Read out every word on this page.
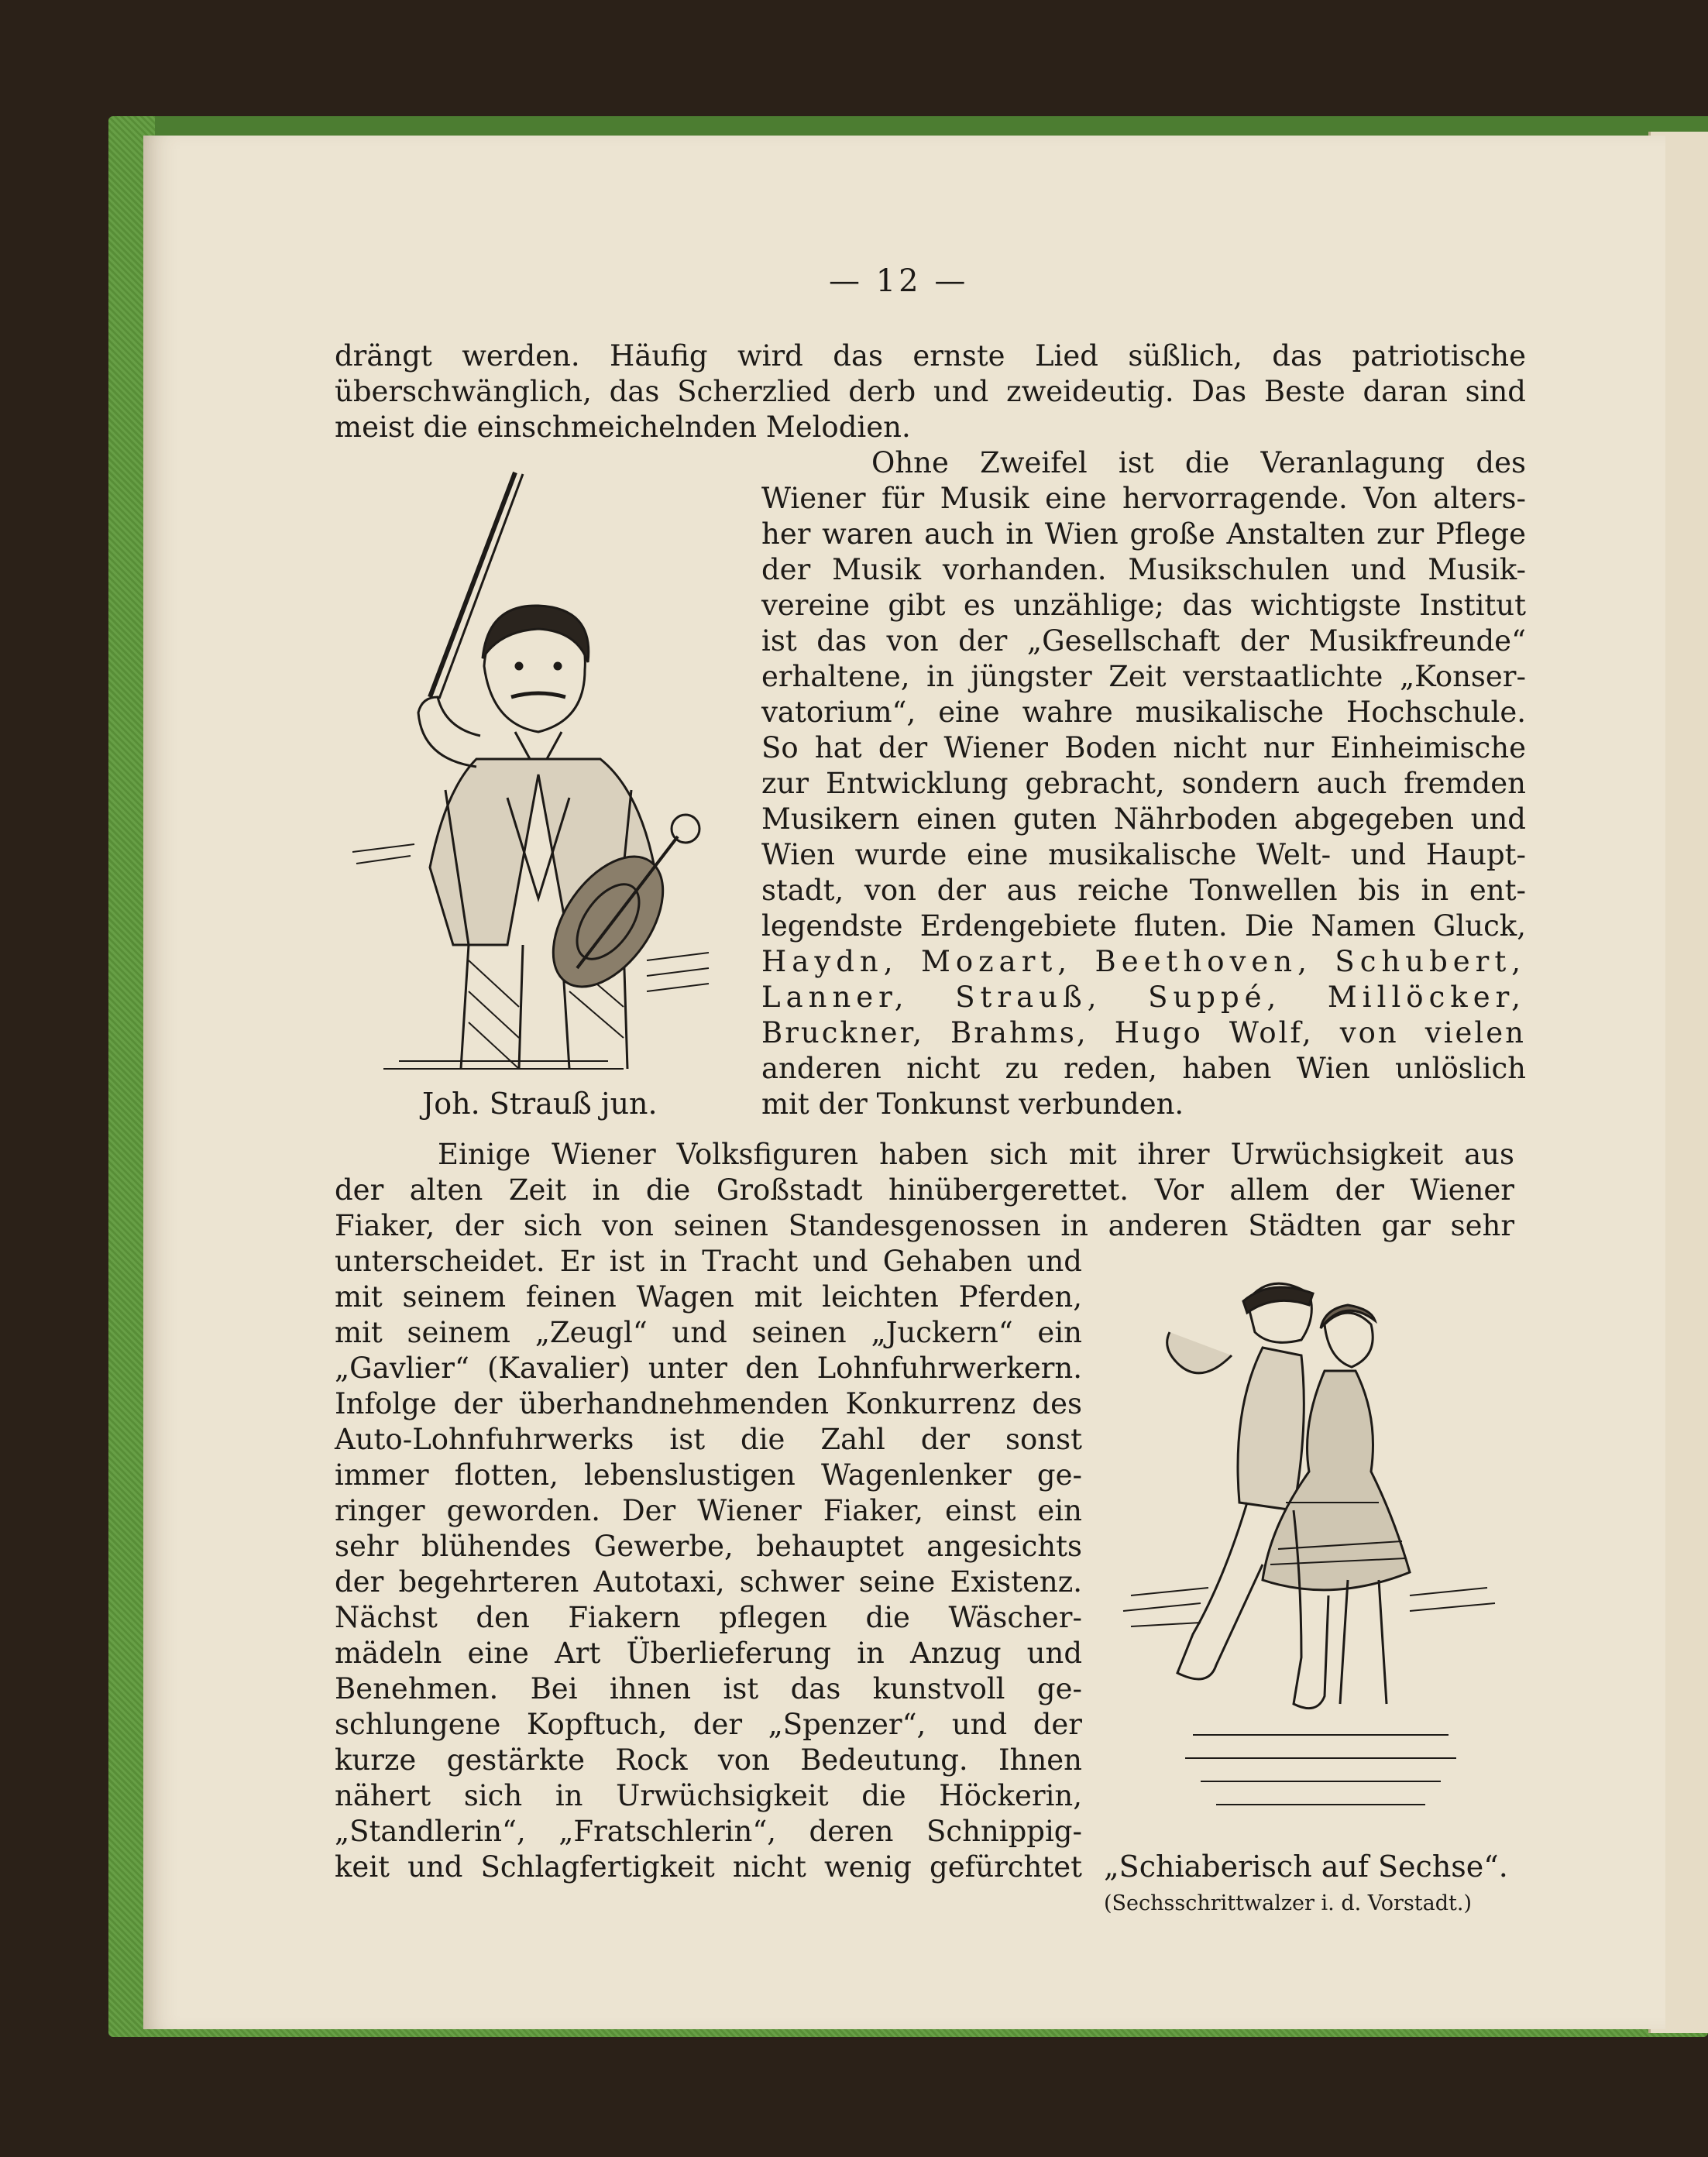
— 12 —
drängt werden. Häufig wird das ernste Lied süßlich, das patriotische
überschwänglich, das Scherzlied derb und zweideutig. Das Beste daran sind
meist die einschmeichelnden Melodien.
Ohne Zweifel ist die Veranlagung des
Wiener für Musik eine hervorragende. Von alters-
her waren auch in Wien große Anstalten zur Pflege
der Musik vorhanden. Musikschulen und Musik-
vereine gibt es unzählige; das wichtigste Institut
ist das von der „Gesellschaft der Musikfreunde“
erhaltene, in jüngster Zeit verstaatlichte „Konser-
vatorium“, eine wahre musikalische Hochschule.
So hat der Wiener Boden nicht nur Einheimische
zur Entwicklung gebracht, sondern auch fremden
Musikern einen guten Nährboden abgegeben und
Wien wurde eine musikalische Welt- und Haupt-
stadt, von der aus reiche Tonwellen bis in ent-
legendste Erdengebiete fluten. Die Namen Gluck,
Haydn, Mozart, Beethoven, Schubert,
Lanner, Strauß, Suppé, Millöcker,
Bruckner, Brahms, Hugo Wolf, von vielen
anderen nicht zu reden, haben Wien unlöslich
mit der Tonkunst verbunden.
Joh. Strauß jun.
Einige Wiener Volksfiguren haben sich mit ihrer Urwüchsigkeit aus
der alten Zeit in die Großstadt hinübergerettet. Vor allem der Wiener
Fiaker, der sich von seinen Standesgenossen in anderen Städten gar sehr
unterscheidet. Er ist in Tracht und Gehaben und
mit seinem feinen Wagen mit leichten Pferden,
mit seinem „Zeugl“ und seinen „Juckern“ ein
„Gavlier“ (Kavalier) unter den Lohnfuhrwerkern.
Infolge der überhandnehmenden Konkurrenz des
Auto-Lohnfuhrwerks ist die Zahl der sonst
immer flotten, lebenslustigen Wagenlenker ge-
ringer geworden. Der Wiener Fiaker, einst ein
sehr blühendes Gewerbe, behauptet angesichts
der begehrteren Autotaxi, schwer seine Existenz.
Nächst den Fiakern pflegen die Wäscher-
mädeln eine Art Überlieferung in Anzug und
Benehmen. Bei ihnen ist das kunstvoll ge-
schlungene Kopftuch, der „Spenzer“, und der
kurze gestärkte Rock von Bedeutung. Ihnen
nähert sich in Urwüchsigkeit die Höckerin,
„Standlerin“, „Fratschlerin“, deren Schnippig-
keit und Schlagfertigkeit nicht wenig gefürchtet „Schiaberisch auf Sechse“.
(Sechsschrittwalzer i. d. Vorstadt.)
